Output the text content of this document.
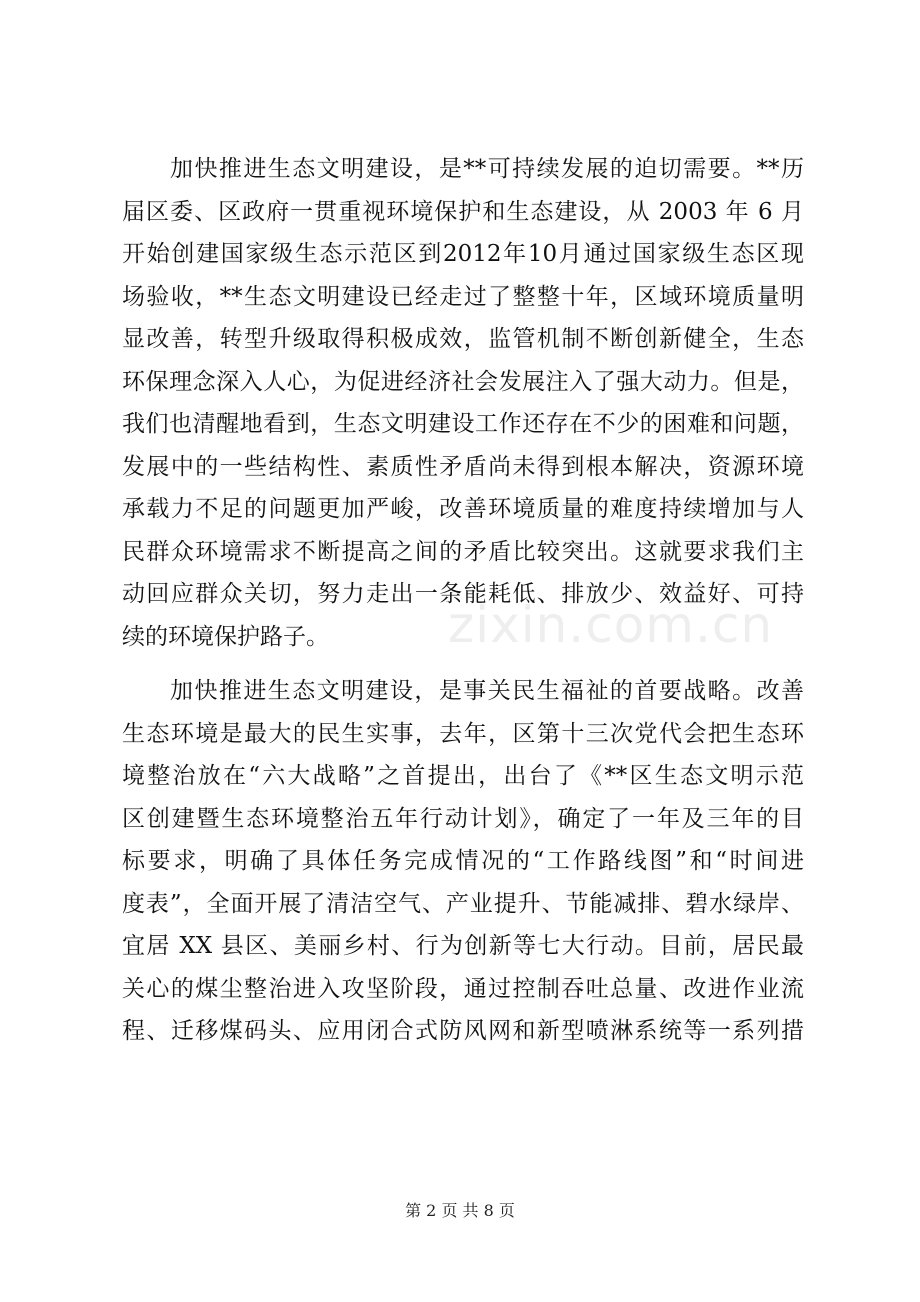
加快推进生态文明建设，是**可持续发展的迫切需要。**历
届区委、区政府一贯重视环境保护和生态建设，从 2003 年 6 月
开始创建国家级生态示范区到2012年10月通过国家级生态区现
场验收，**生态文明建设已经走过了整整十年，区域环境质量明
显改善，转型升级取得积极成效，监管机制不断创新健全，生态
环保理念深入人心，为促进经济社会发展注入了强大动力。但是，
我们也清醒地看到，生态文明建设工作还存在不少的困难和问题，
发展中的一些结构性、素质性矛盾尚未得到根本解决，资源环境
承载力不足的问题更加严峻，改善环境质量的难度持续增加与人
民群众环境需求不断提高之间的矛盾比较突出。这就要求我们主
动回应群众关切，努力走出一条能耗低、排放少、效益好、可持
续的环境保护路子。
加快推进生态文明建设，是事关民生福祉的首要战略。改善
生态环境是最大的民生实事，去年，区第十三次党代会把生态环
境整治放在“六大战略”之首提出，出台了《**区生态文明示范
区创建暨生态环境整治五年行动计划》，确定了一年及三年的目
标要求，明确了具体任务完成情况的“工作路线图”和“时间进
度表”，全面开展了清洁空气、产业提升、节能减排、碧水绿岸、
宜居 XX 县区、美丽乡村、行为创新等七大行动。目前，居民最
关心的煤尘整治进入攻坚阶段，通过控制吞吐总量、改进作业流
程、迁移煤码头、应用闭合式防风网和新型喷淋系统等一系列措
zixin.com.cn
第 2 页 共 8 页
